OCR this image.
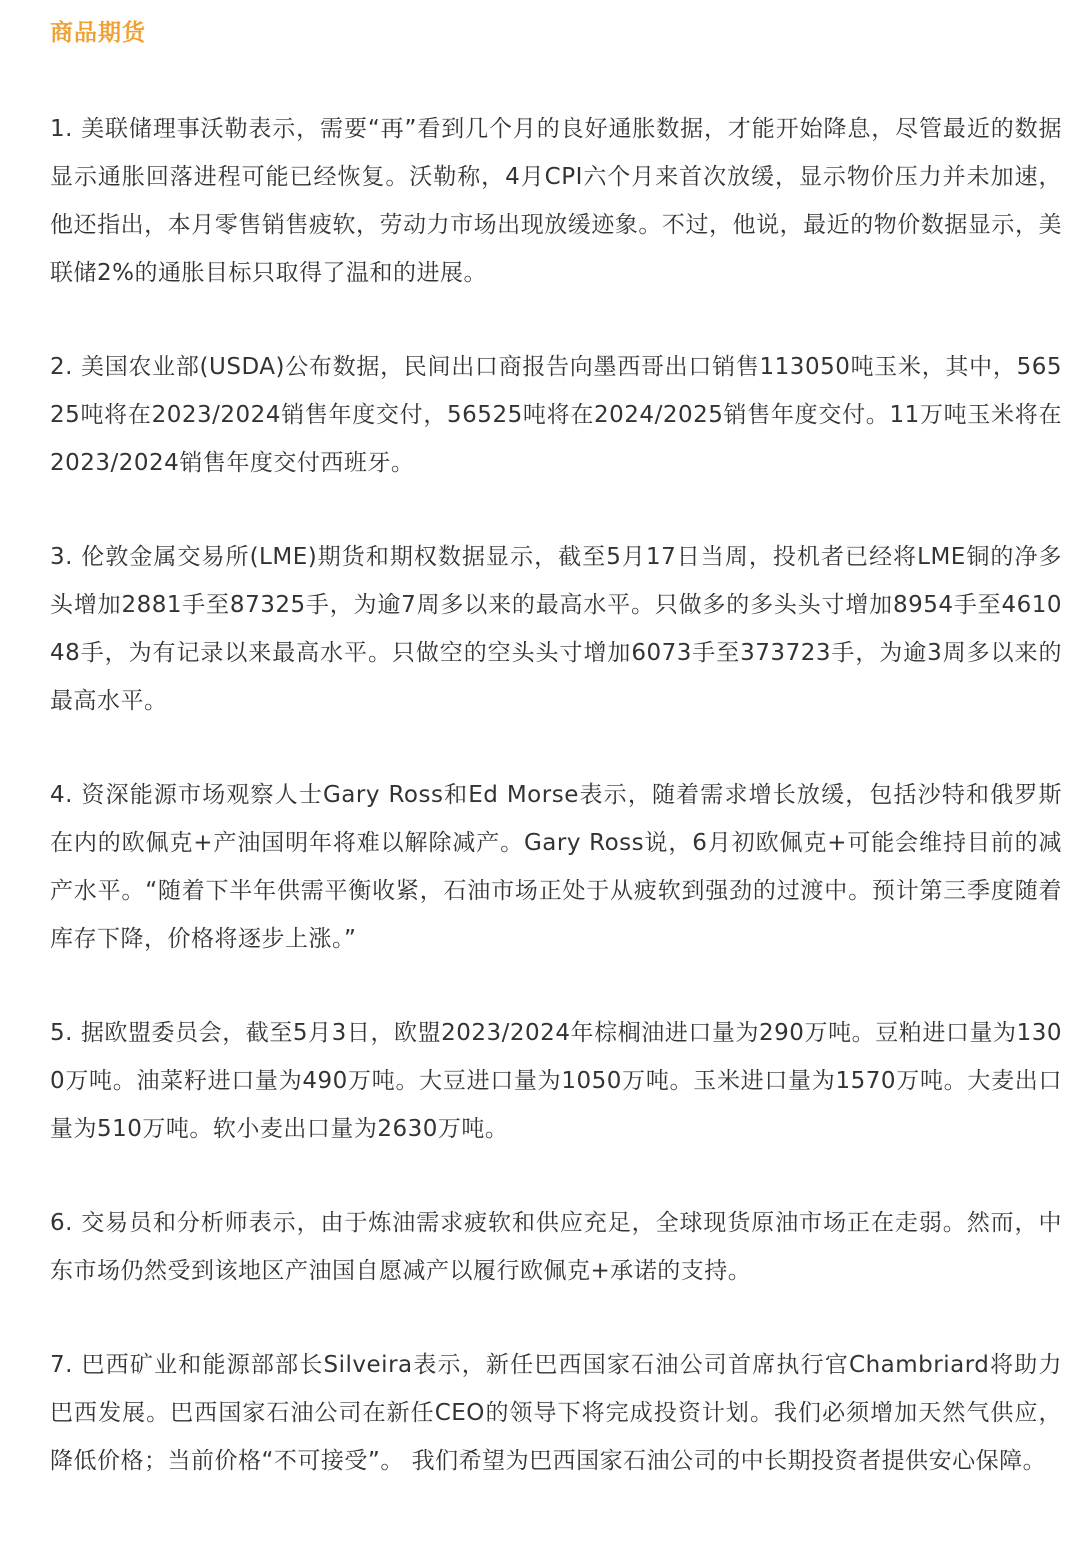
商品期货

1. 美联储理事沃勒表示，需要“再”看到几个月的良好通胀数据，才能开始降息，尽管最近的数据显示通胀回落进程可能已经恢复。沃勒称，4月CPI六个月来首次放缓，显示物价压力并未加速，他还指出，本月零售销售疲软，劳动力市场出现放缓迹象。不过，他说，最近的物价数据显示，美联储2%的通胀目标只取得了温和的进展。

2. 美国农业部(USDA)公布数据，民间出口商报告向墨西哥出口销售113050吨玉米，其中，56525吨将在2023/2024销售年度交付，56525吨将在2024/2025销售年度交付。11万吨玉米将在2023/2024销售年度交付西班牙。

3. 伦敦金属交易所(LME)期货和期权数据显示，截至5月17日当周，投机者已经将LME铜的净多头增加2881手至87325手，为逾7周多以来的最高水平。只做多的多头头寸增加8954手至461048手，为有记录以来最高水平。只做空的空头头寸增加6073手至373723手，为逾3周多以来的最高水平。

4. 资深能源市场观察人士Gary Ross和Ed Morse表示，随着需求增长放缓，包括沙特和俄罗斯在内的欧佩克+产油国明年将难以解除减产。Gary Ross说，6月初欧佩克+可能会维持目前的减产水平。“随着下半年供需平衡收紧，石油市场正处于从疲软到强劲的过渡中。预计第三季度随着库存下降，价格将逐步上涨。”

5. 据欧盟委员会，截至5月3日，欧盟2023/2024年棕榈油进口量为290万吨。豆粕进口量为1300万吨。油菜籽进口量为490万吨。大豆进口量为1050万吨。玉米进口量为1570万吨。大麦出口量为510万吨。软小麦出口量为2630万吨。

6. 交易员和分析师表示，由于炼油需求疲软和供应充足，全球现货原油市场正在走弱。然而，中东市场仍然受到该地区产油国自愿减产以履行欧佩克+承诺的支持。

7. 巴西矿业和能源部部长Silveira表示，新任巴西国家石油公司首席执行官Chambriard将助力巴西发展。巴西国家石油公司在新任CEO的领导下将完成投资计划。我们必须增加天然气供应，降低价格；当前价格“不可接受”。 我们希望为巴西国家石油公司的中长期投资者提供安心保障。
